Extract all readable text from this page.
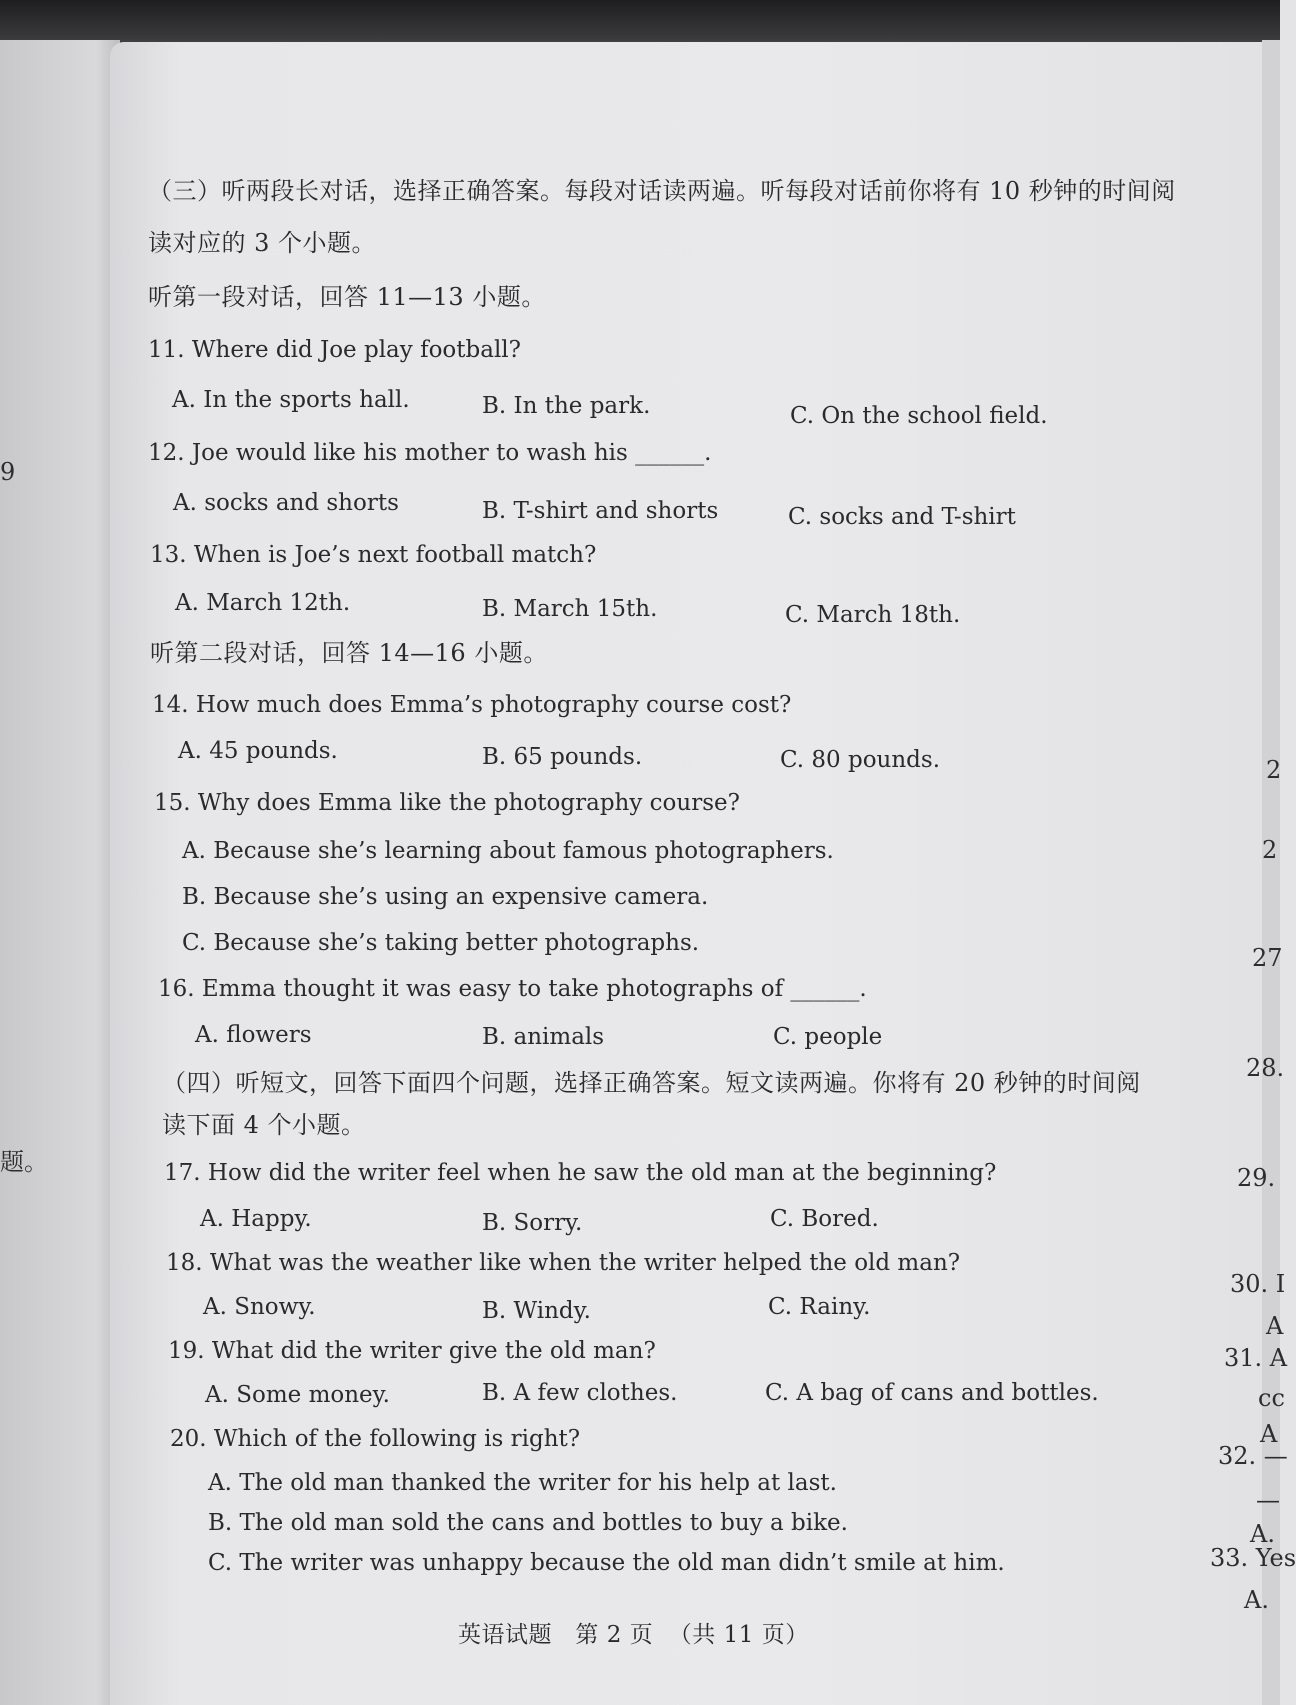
（三）听两段长对话，选择正确答案。每段对话读两遍。听每段对话前你将有 10 秒钟的时间阅
读对应的 3 个小题。
听第一段对话，回答 11—13 小题。
11. Where did Joe play football?
A. In the sports hall.	B. In the park.	C. On the school field.
12. Joe would like his mother to wash his ______.
A. socks and shorts	B. T-shirt and shorts	C. socks and T-shirt
13. When is Joe’s next football match?
A. March 12th.	B. March 15th.	C. March 18th.
听第二段对话，回答 14—16 小题。
14. How much does Emma’s photography course cost?
A. 45 pounds.	B. 65 pounds.	C. 80 pounds.
15. Why does Emma like the photography course?
A. Because she’s learning about famous photographers.
B. Because she’s using an expensive camera.
C. Because she’s taking better photographs.
16. Emma thought it was easy to take photographs of ______.
A. flowers	B. animals	C. people
（四）听短文，回答下面四个问题，选择正确答案。短文读两遍。你将有 20 秒钟的时间阅
读下面 4 个小题。
17. How did the writer feel when he saw the old man at the beginning?
A. Happy.	B. Sorry.	C. Bored.
18. What was the weather like when the writer helped the old man?
A. Snowy.	B. Windy.	C. Rainy.
19. What did the writer give the old man?
A. Some money.	B. A few clothes.	C. A bag of cans and bottles.
20. Which of the following is right?
A. The old man thanked the writer for his help at last.
B. The old man sold the cans and bottles to buy a bike.
C. The writer was unhappy because the old man didn’t smile at him.
英语试题   第 2 页  （共 11 页）
9
题。
2
2
27
28.
29.
30. I
A
31. A
cc
A
32. —
—
A.
33. Yes
A.
